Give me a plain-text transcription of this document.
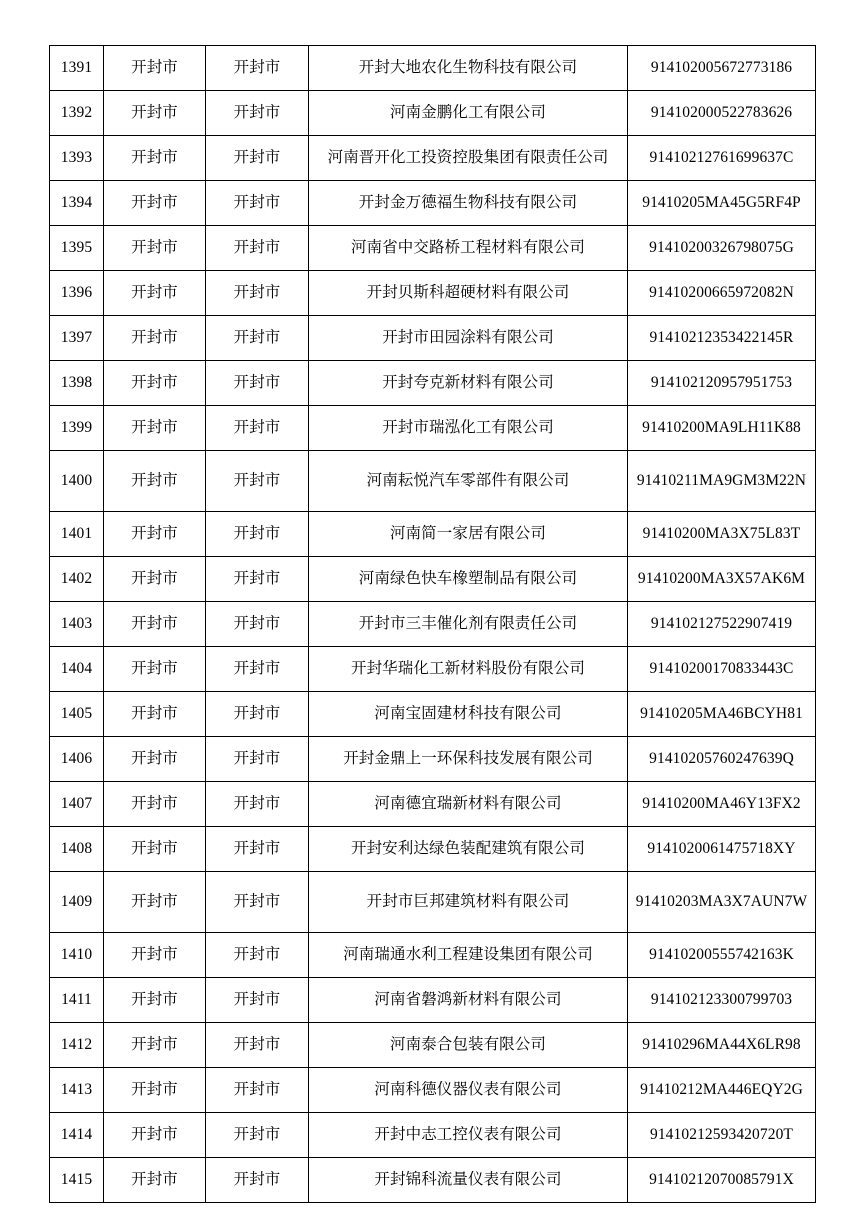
1391	开封市	开封市	开封大地农化生物科技有限公司	914102005672773186
1392	开封市	开封市	河南金鹏化工有限公司	914102000522783626
1393	开封市	开封市	河南晋开化工投资控股集团有限责任公司	91410212761699637C
1394	开封市	开封市	开封金万德福生物科技有限公司	91410205MA45G5RF4P
1395	开封市	开封市	河南省中交路桥工程材料有限公司	91410200326798075G
1396	开封市	开封市	开封贝斯科超硬材料有限公司	91410200665972082N
1397	开封市	开封市	开封市田园涂料有限公司	91410212353422145R
1398	开封市	开封市	开封夸克新材料有限公司	914102120957951753
1399	开封市	开封市	开封市瑞泓化工有限公司	91410200MA9LH11K88
1400	开封市	开封市	河南耘悦汽车零部件有限公司	91410211MA9GM3M22N
1401	开封市	开封市	河南简一家居有限公司	91410200MA3X75L83T
1402	开封市	开封市	河南绿色快车橡塑制品有限公司	91410200MA3X57AK6M
1403	开封市	开封市	开封市三丰催化剂有限责任公司	914102127522907419
1404	开封市	开封市	开封华瑞化工新材料股份有限公司	91410200170833443C
1405	开封市	开封市	河南宝固建材科技有限公司	91410205MA46BCYH81
1406	开封市	开封市	开封金鼎上一环保科技发展有限公司	91410205760247639Q
1407	开封市	开封市	河南德宜瑞新材料有限公司	91410200MA46Y13FX2
1408	开封市	开封市	开封安利达绿色装配建筑有限公司	9141020061475718XY
1409	开封市	开封市	开封市巨邦建筑材料有限公司	91410203MA3X7AUN7W
1410	开封市	开封市	河南瑞通水利工程建设集团有限公司	91410200555742163K
1411	开封市	开封市	河南省磐鸿新材料有限公司	914102123300799703
1412	开封市	开封市	河南泰合包装有限公司	91410296MA44X6LR98
1413	开封市	开封市	河南科德仪器仪表有限公司	91410212MA446EQY2G
1414	开封市	开封市	开封中志工控仪表有限公司	91410212593420720T
1415	开封市	开封市	开封锦科流量仪表有限公司	91410212070085791X
